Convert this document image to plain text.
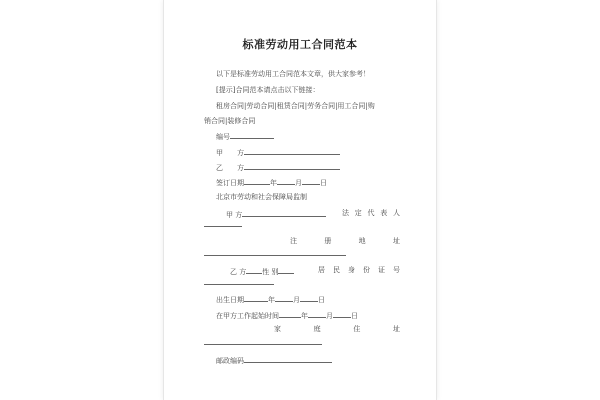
标准劳动用工合同范本
以下是标准劳动用工合同范本文章，供大家参考！
[提示]合同范本请点击以下链接：
租房合同|劳动合同|租赁合同|劳务合同|用工合同|购
销合同|装修合同
编号
甲　　方
乙　　方
签订日期	年	月	日
北京市劳动和社会保障局监制
甲 方	法 定 代 表 人
注	册	地	址
乙 方 性 别	居 民 身 份 证 号
出生日期	年	月	日
在甲方工作起始时间	年	月	日
家	庭	住	址
邮政编码
